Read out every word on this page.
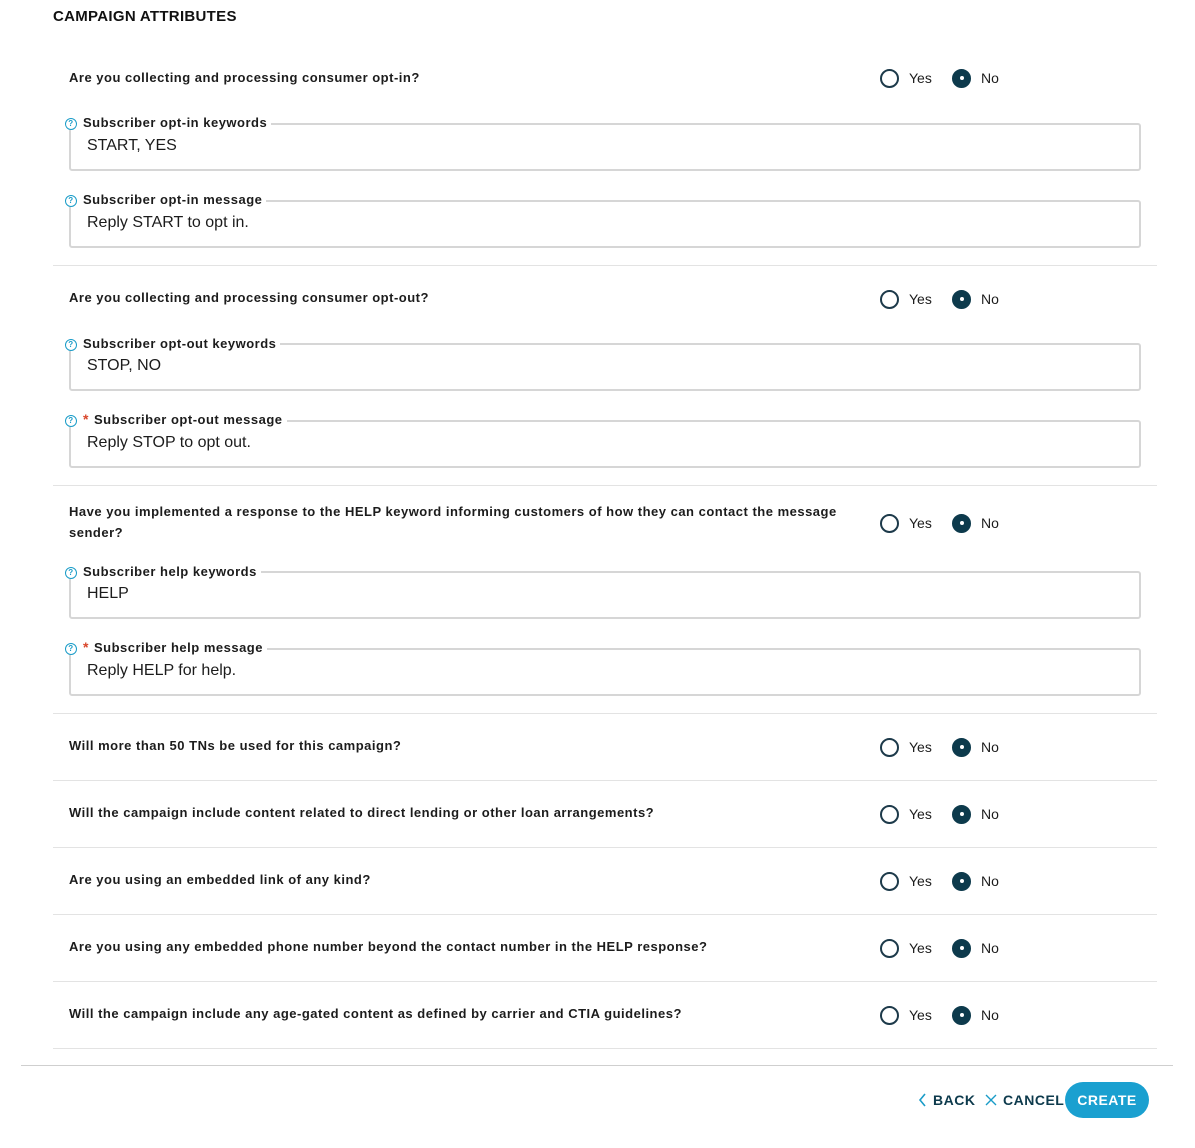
CAMPAIGN ATTRIBUTES
Are you collecting and processing consumer opt-in?	Yes	No
START, YES
? Subscriber opt-in keywords
Reply START to opt in.
? Subscriber opt-in message
Are you collecting and processing consumer opt-out?	Yes	No
STOP, NO
? Subscriber opt-out keywords
Reply STOP to opt out.
? * Subscriber opt-out message
Have you implemented a response to the HELP keyword informing customers of how they can contact the message sender?
Yes	No
HELP
? Subscriber help keywords
Reply HELP for help.
? * Subscriber help message
Will more than 50 TNs be used for this campaign?	Yes	No
Will the campaign include content related to direct lending or other loan arrangements?	Yes	No
Are you using an embedded link of any kind?	Yes	No
Are you using any embedded phone number beyond the contact number in the HELP response?	Yes	No
Will the campaign include any age-gated content as defined by carrier and CTIA guidelines?	Yes	No
BACK CANCEL CREATE
